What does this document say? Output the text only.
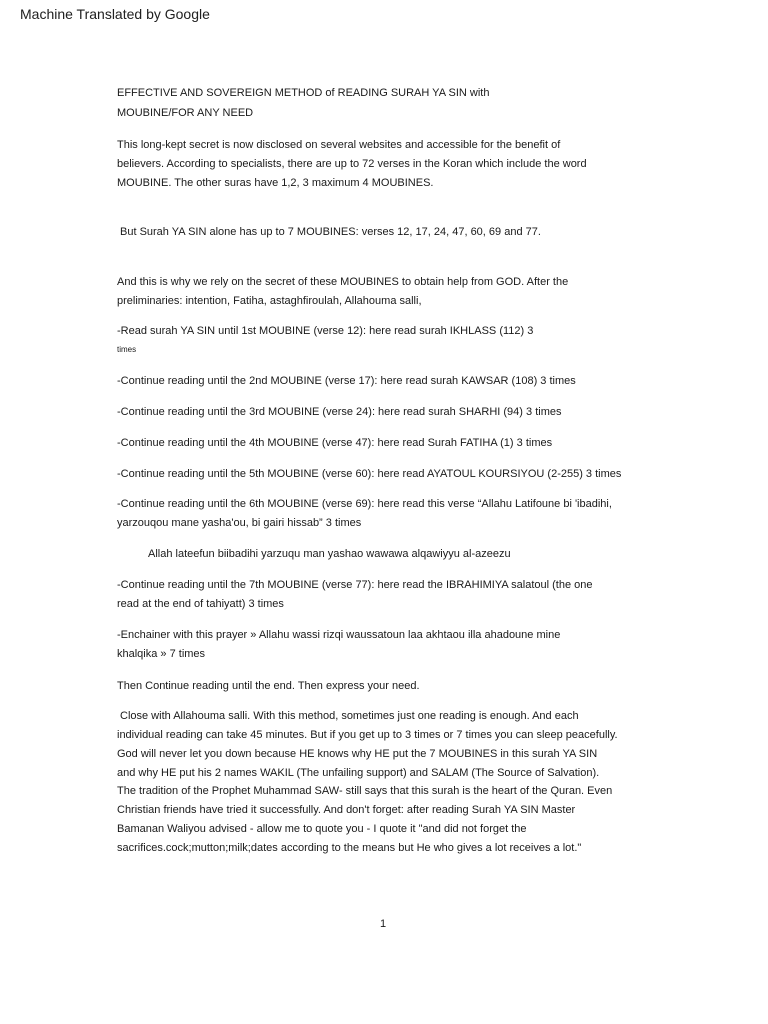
Machine Translated by Google

EFFECTIVE AND SOVEREIGN METHOD of READING SURAH YA SIN with

MOUBINE/FOR ANY NEED

This long-kept secret is now disclosed on several websites and accessible for the benefit of

believers. According to specialists, there are up to 72 verses in the Koran which include the word

MOUBINE. The other suras have 1,2, 3 maximum 4 MOUBINES.

But Surah YA SIN alone has up to 7 MOUBINES: verses 12, 17, 24, 47, 60, 69 and 77.

And this is why we rely on the secret of these MOUBINES to obtain help from GOD. After the

preliminaries: intention, Fatiha, astaghfiroulah, Allahouma salli,

-Read surah YA SIN until 1st MOUBINE (verse 12): here read surah IKHLASS (112) 3

times

-Continue reading until the 2nd MOUBINE (verse 17): here read surah KAWSAR (108) 3 times

-Continue reading until the 3rd MOUBINE (verse 24): here read surah SHARHI (94) 3 times

-Continue reading until the 4th MOUBINE (verse 47): here read Surah FATIHA (1) 3 times

-Continue reading until the 5th MOUBINE (verse 60): here read AYATOUL KOURSIYOU (2-255) 3 times

-Continue reading until the 6th MOUBINE (verse 69): here read this verse “Allahu Latifoune bi 'ibadihi,

yarzouqou mane yasha'ou, bi gairi hissab” 3 times

Allah lateefun biibadihi yarzuqu man yashao wawawa alqawiyyu al-azeezu

-Continue reading until the 7th MOUBINE (verse 77): here read the IBRAHIMIYA salatoul (the one

read at the end of tahiyatt) 3 times

-Enchainer with this prayer » Allahu wassi rizqi waussatoun laa akhtaou illa ahadoune mine

khalqika » 7 times

Then Continue reading until the end. Then express your need.

Close with Allahouma salli. With this method, sometimes just one reading is enough. And each

individual reading can take 45 minutes. But if you get up to 3 times or 7 times you can sleep peacefully.

God will never let you down because HE knows why HE put the 7 MOUBINES in this surah YA SIN

and why HE put his 2 names WAKIL (The unfailing support) and SALAM (The Source of Salvation).

The tradition of the Prophet Muhammad SAW- still says that this surah is the heart of the Quran. Even

Christian friends have tried it successfully. And don't forget: after reading Surah YA SIN Master

Bamanan Waliyou advised - allow me to quote you - I quote it "and did not forget the

sacrifices.cock;mutton;milk;dates according to the means but He who gives a lot receives a lot."

1
